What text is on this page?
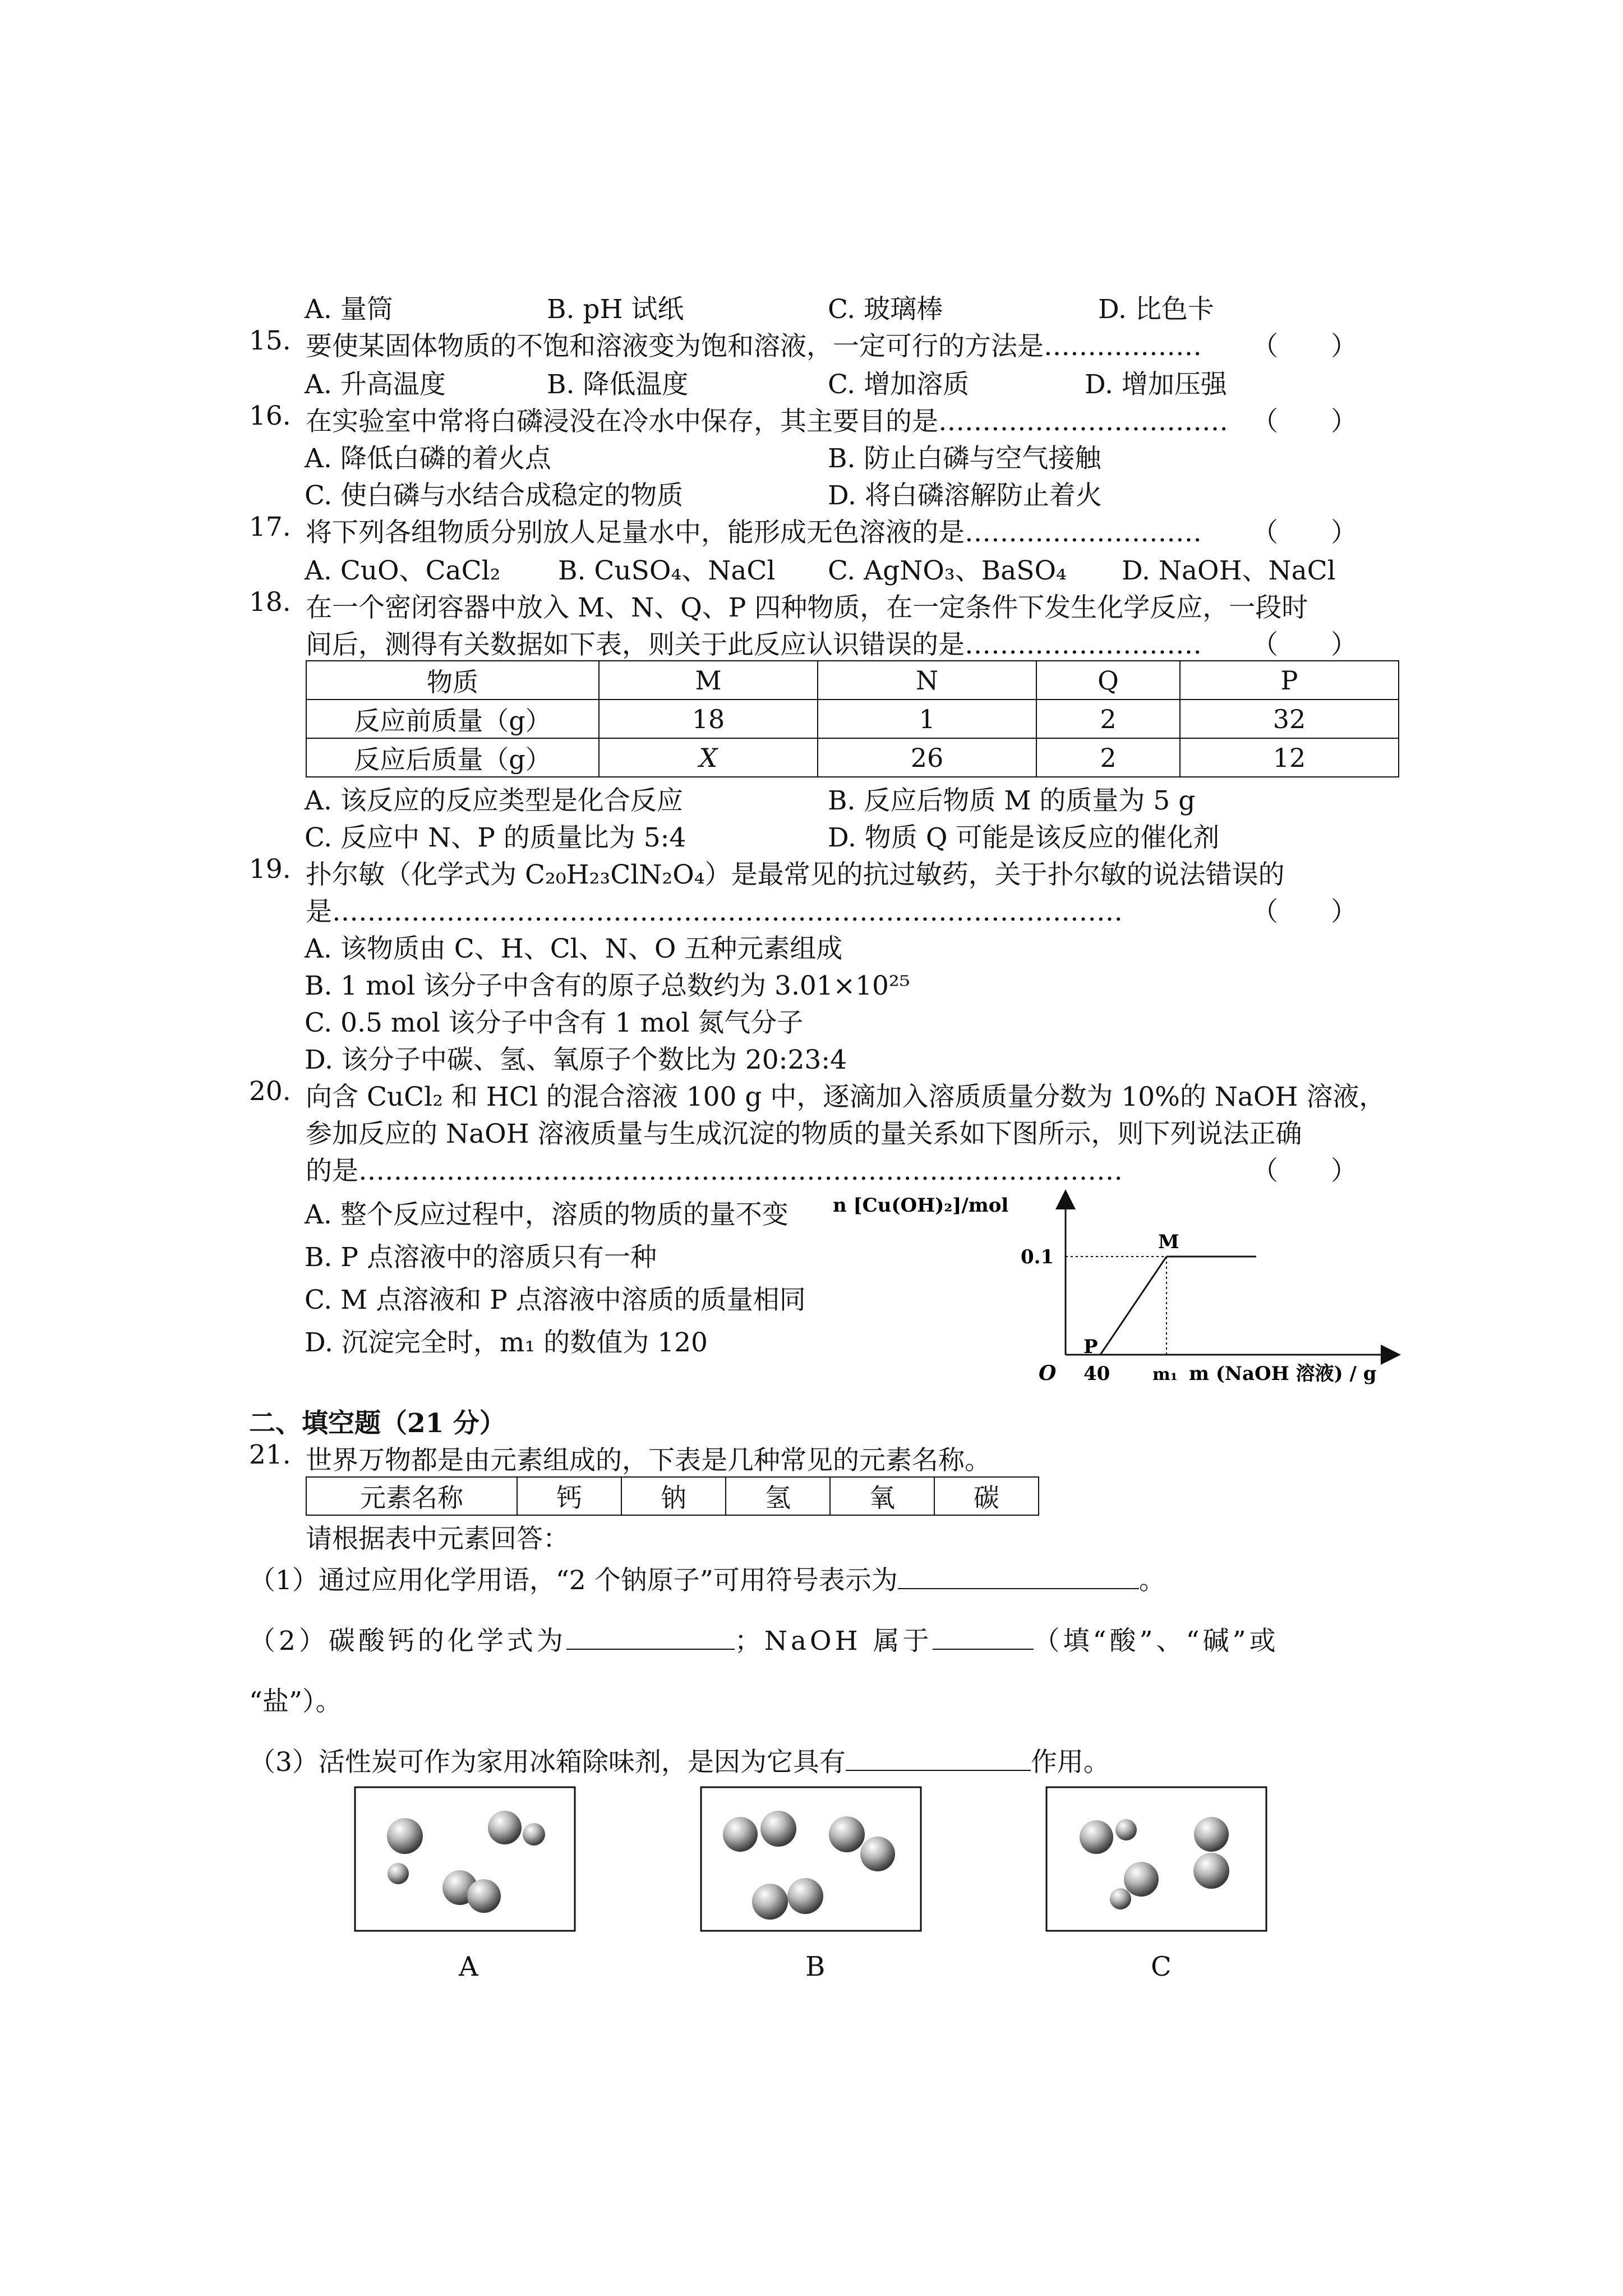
A. 量筒	B. pH 试纸	C. 玻璃棒	D. 比色卡
15. 要使某固体物质的不饱和溶液变为饱和溶液，一定可行的方法是……………… （　　）
A. 升高温度	B. 降低温度	C. 增加溶质	D. 增加压强
16. 在实验室中常将白磷浸没在冷水中保存，其主要目的是…………………………… （　　）
A. 降低白磷的着火点	B. 防止白磷与空气接触
C. 使白磷与水结合成稳定的物质	D. 将白磷溶解防止着火
17. 将下列各组物质分别放人足量水中，能形成无色溶液的是……………………… （　　）
A. CuO、CaCl₂ B. CuSO₄、NaCl C. AgNO₃、BaSO₄ D. NaOH、NaCl
18. 在一个密闭容器中放入 M、N、Q、P 四种物质，在一定条件下发生化学反应，一段时
间后，测得有关数据如下表，则关于此反应认识错误的是……………………… （　　）
物质	M	N	Q	P
反应前质量（g）	18	1	2	32
反应后质量（g）	X	26	2	12
A. 该反应的反应类型是化合反应	B. 反应后物质 M 的质量为 5 g
C. 反应中 N、P 的质量比为 5:4	D. 物质 Q 可能是该反应的催化剂
19. 扑尔敏（化学式为 C₂₀H₂₃ClN₂O₄）是最常见的抗过敏药，关于扑尔敏的说法错误的
是………………………………………………………………………………	（　　）
A. 该物质由 C、H、Cl、N、O 五种元素组成
B. 1 mol 该分子中含有的原子总数约为 3.01×10²⁵
C. 0.5 mol 该分子中含有 1 mol 氮气分子
D. 该分子中碳、氢、氧原子个数比为 20:23:4
20. 向含 CuCl₂ 和 HCl 的混合溶液 100 g 中，逐滴加入溶质质量分数为 10%的 NaOH 溶液，
参加反应的 NaOH 溶液质量与生成沉淀的物质的量关系如下图所示，则下列说法正确
的是……………………………………………………………………………	（　　）
A. 整个反应过程中，溶质的物质的量不变
B. P 点溶液中的溶质只有一种
C. M 点溶液和 P 点溶液中溶质的质量相同
D. 沉淀完全时，m₁ 的数值为 120
n [Cu(OH)₂]/mol
0.1
M
P
O 40	m₁ m (NaOH 溶液) / g
二、填空题（21 分）
21. 世界万物都是由元素组成的，下表是几种常见的元素名称。
元素名称	钙	钠	氢	氧	碳
请根据表中元素回答：
（1）通过应用化学用语，“2 个钠原子”可用符号表示为	。
（2）碳酸钙的化学式为	；NaOH 属于	（填“酸”、“碱”或
“盐”）。
（3）活性炭可作为家用冰箱除味剂，是因为它具有	作用。
A	B	C
